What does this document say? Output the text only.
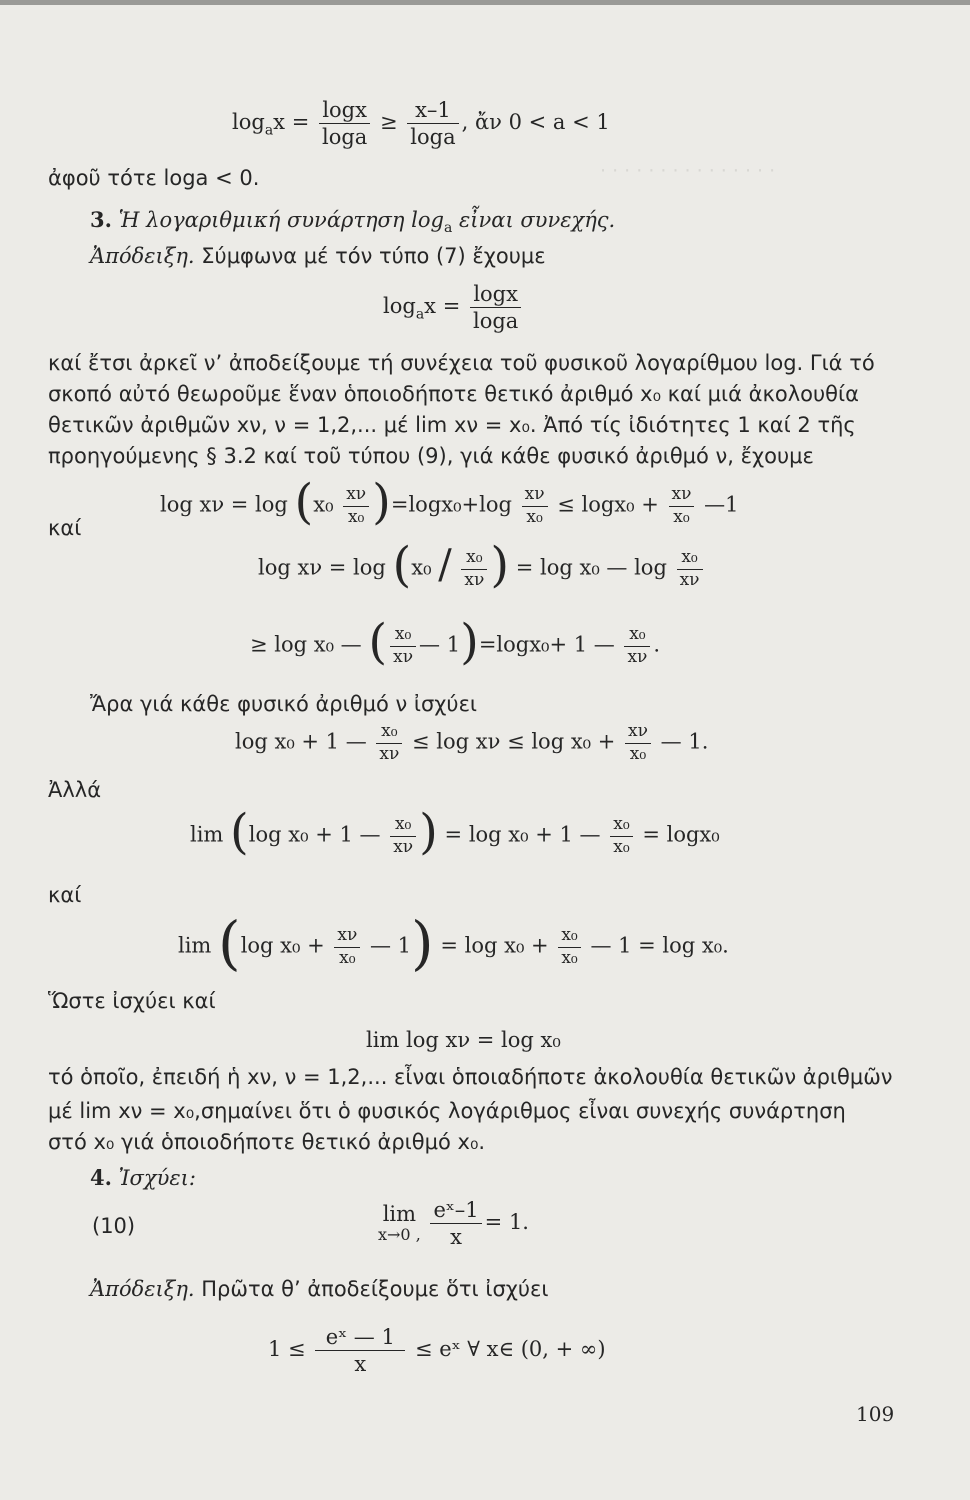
· · · · · · · · · · · · · · ·
$\log_ax = \frac{\log x}{\log a} \ge \frac{x-1}{\log a}$ , ἄν 0 < a < 1
ἀφοῦ τότε loga < 0.
3. Ἡ λογαριθμική συνάρτηση $\log_a$ εἶναι συνεχής.
Ἀπόδειξη. Σύμφωνα μέ τόν τύπο (7) ἔχουμε
$\log_ax = \frac{\log x}{\log a}$
καί ἔτσι ἀρκεῖ ν’ ἀποδείξουμε τή συνέχεια τοῦ φυσικοῦ λογαρίθμου log. Γιά τό
σκοπό αὐτό θεωροῦμε ἕναν ὁποιοδήποτε θετικό ἀριθμό x₀ καί μιά ἀκολουθία
θετικῶν ἀριθμῶν xν, ν = 1,2,... μέ lim xν = x₀. Ἀπό τίς ἰδιότητες 1 καί 2 τῆς
προηγούμενης § 3.2 καί τοῦ τύπου (9), γιά κάθε φυσικό ἀριθμό ν, ἔχουμε
$\log x\nu = \log (x_0 \frac{x\nu}{\text{x₀}} )=\log x_0+\log \frac{x\nu}{\text{x₀}} \le \log x_0 + \frac{x\nu}{\text{x₀}}$ —1
καί
$\log x\nu = \log (x_0 / \frac{\text{x₀}}{x\nu}$ ) = log x₀ — $\log \frac{\text{x₀}}{x\nu}$
≥ log x₀ — ( $\frac{\text{x₀}}{x\nu}$ — 1)=logx₀+ 1 — $\frac{\text{x₀}}{x\nu}$ .
Ἄρα γιά κάθε φυσικό ἀριθμό ν ἰσχύει
log x₀ + 1 — $\frac{\text{x₀}}{x\nu} \le \log x\nu \le \log x_0 + \frac{x\nu}{\text{x₀}}$ — 1.
Ἀλλά
lim (log x₀ + 1 — $\frac{\text{x₀}}{x\nu}$ ) = log x₀ + 1 — $\frac{\text{x₀}}{\text{x₀}} = \log x_0$
καί
lim (log $x_0 + \frac{x\nu}{\text{x₀}}$ — $1) = \log x_0 + \frac{\text{x₀}}{\text{x₀}}$ — 1 = log x₀.
Ὥστε ἰσχύει καί
lim log xν = log x₀
τό ὁποῖο, ἐπειδή ἡ xν, ν = 1,2,... εἶναι ὁποιαδήποτε ἀκολουθία θετικῶν ἀριθμῶν
μέ lim xν = x₀,σημαίνει ὅτι ὁ φυσικός λογάριθμος εἶναι συνεχής συνάρτηση
στό x₀ γιά ὁποιοδήποτε θετικό ἀριθμό x₀.
4. Ἰσχύει:
(10)	lim
x→0 ,
$\frac{\text{eˣ–1}}{x} = 1$.
Ἀπόδειξη. Πρῶτα θ’ ἀποδείξουμε ὅτι ἰσχύει
$1 \le \frac{\text{eˣ — 1}}{x}$ ≤ eˣ ∀ x∈ (0, + ∞)
109
